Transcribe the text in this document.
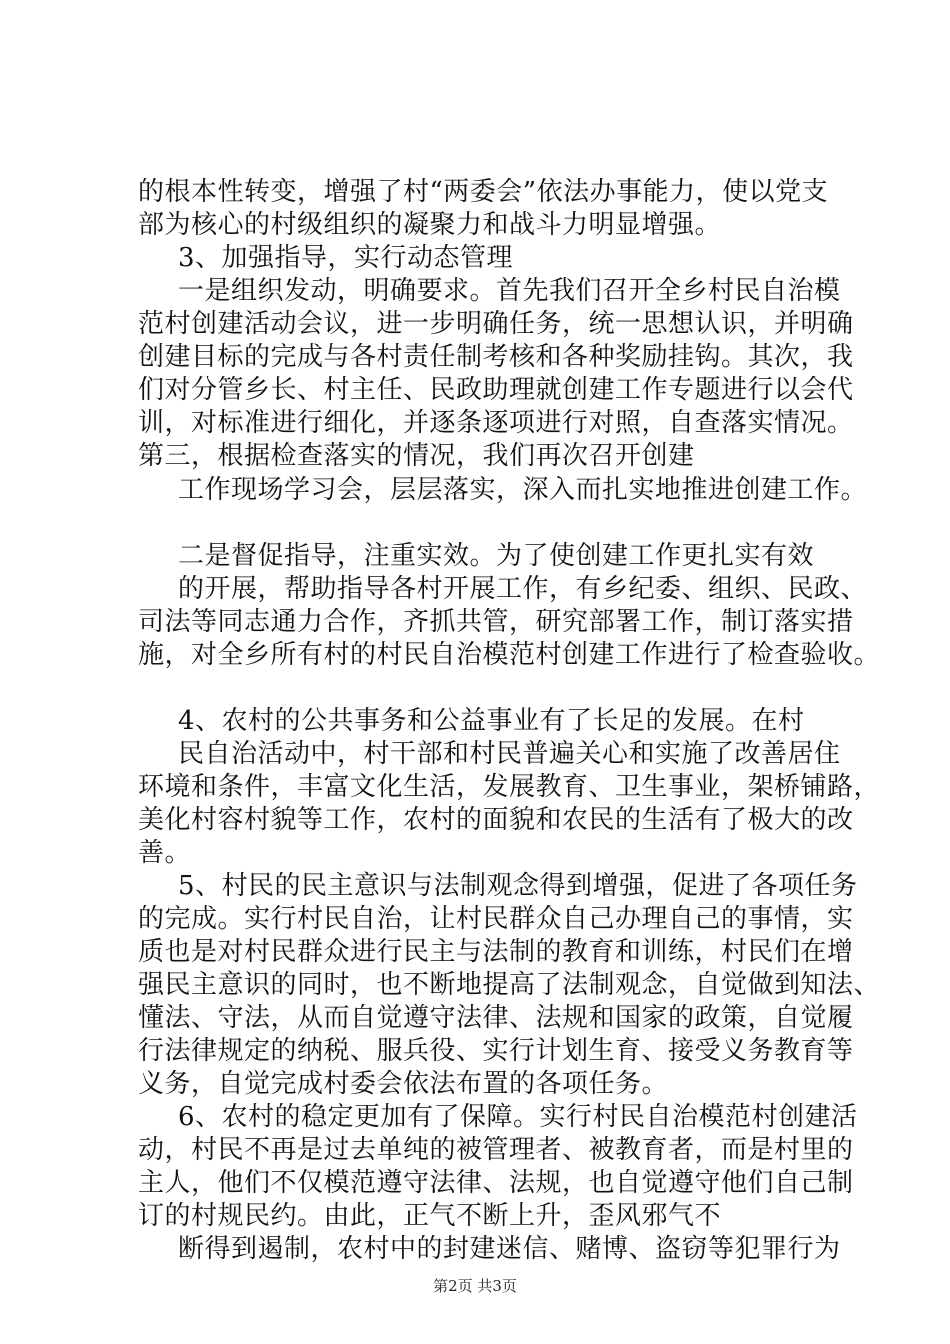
的根本性转变，增强了村“两委会”依法办事能力，使以党支
部为核心的村级组织的凝聚力和战斗力明显增强。
3、加强指导，实行动态管理
一是组织发动，明确要求。首先我们召开全乡村民自治模
范村创建活动会议，进一步明确任务，统一思想认识，并明确
创建目标的完成与各村责任制考核和各种奖励挂钩。其次，我
们对分管乡长、村主任、民政助理就创建工作专题进行以会代
训，对标准进行细化，并逐条逐项进行对照，自查落实情况。
第三，根据检查落实的情况，我们再次召开创建
工作现场学习会，层层落实，深入而扎实地推进创建工作。
二是督促指导，注重实效。为了使创建工作更扎实有效
的开展，帮助指导各村开展工作，有乡纪委、组织、民政、
司法等同志通力合作，齐抓共管，研究部署工作，制订落实措
施，对全乡所有村的村民自治模范村创建工作进行了检查验收。
4、农村的公共事务和公益事业有了长足的发展。在村
民自治活动中，村干部和村民普遍关心和实施了改善居住
环境和条件，丰富文化生活，发展教育、卫生事业，架桥铺路，
美化村容村貌等工作，农村的面貌和农民的生活有了极大的改
善。
5、村民的民主意识与法制观念得到增强，促进了各项任务
的完成。实行村民自治，让村民群众自己办理自己的事情，实
质也是对村民群众进行民主与法制的教育和训练，村民们在增
强民主意识的同时，也不断地提高了法制观念，自觉做到知法、
懂法、守法，从而自觉遵守法律、法规和国家的政策，自觉履
行法律规定的纳税、服兵役、实行计划生育、接受义务教育等
义务，自觉完成村委会依法布置的各项任务。
6、农村的稳定更加有了保障。实行村民自治模范村创建活
动，村民不再是过去单纯的被管理者、被教育者，而是村里的
主人，他们不仅模范遵守法律、法规，也自觉遵守他们自己制
订的村规民约。由此，正气不断上升，歪风邪气不
断得到遏制，农村中的封建迷信、赌博、盗窃等犯罪行为
第2页 共3页
